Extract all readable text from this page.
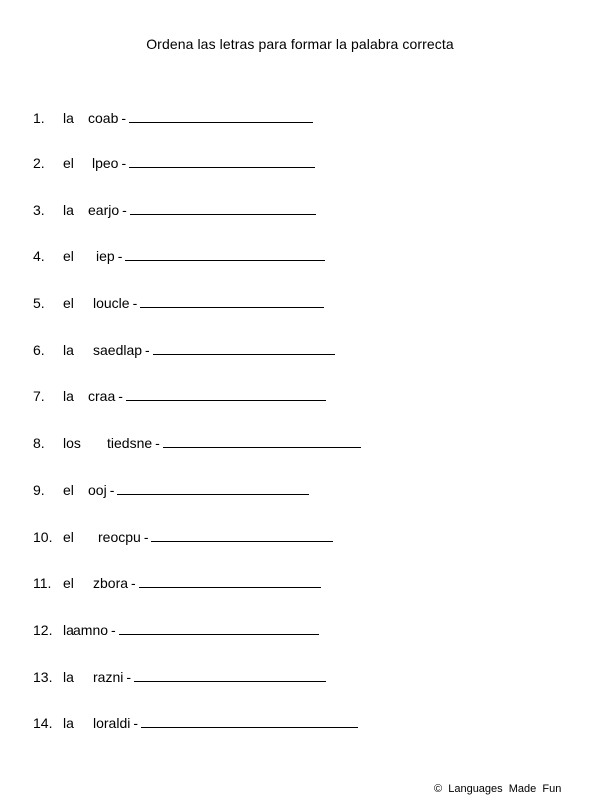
Ordena las letras para formar la palabra correcta
1. la coab -
2. el lpeo -
3. la earjo -
4. el iep -
5. el loucle -
6. la saedlap -
7. la craa -
8. los tiedsne -
9. el ooj -
10. el reocpu -
11. el zbora -
12. laamno -
13. la razni -
14. la loraldi -
©  Languages  Made  Fun
